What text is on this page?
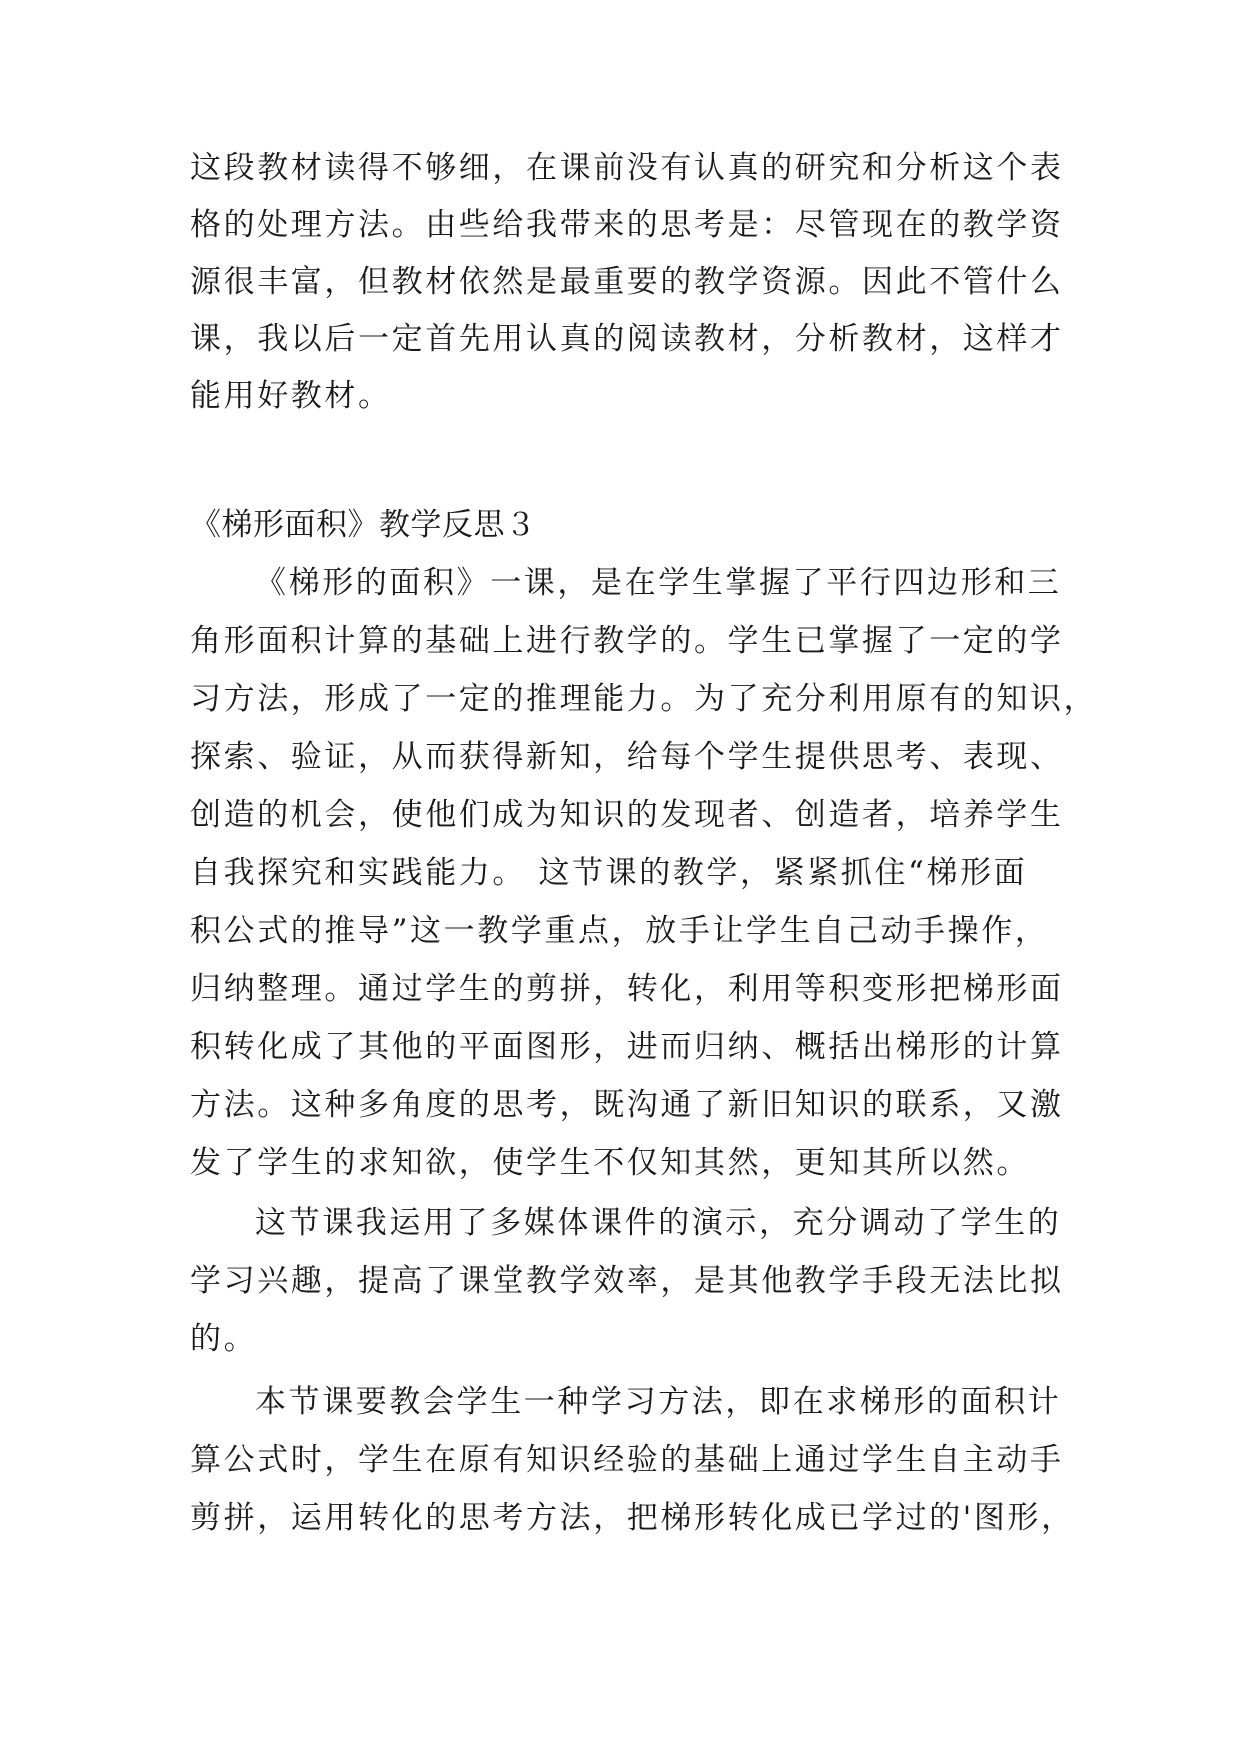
这段教材读得不够细，在课前没有认真的研究和分析这个表
格的处理方法。由些给我带来的思考是：尽管现在的教学资
源很丰富，但教材依然是最重要的教学资源。因此不管什么
课，我以后一定首先用认真的阅读教材，分析教材，这样才
能用好教材。
《梯形面积》教学反思３
《梯形的面积》一课，是在学生掌握了平行四边形和三
角形面积计算的基础上进行教学的。学生已掌握了一定的学
习方法，形成了一定的推理能力。为了充分利用原有的知识，
探索、验证，从而获得新知，给每个学生提供思考、表现、
创造的机会，使他们成为知识的发现者、创造者，培养学生
自我探究和实践能力。 这节课的教学，紧紧抓住“梯形面
积公式的推导”这一教学重点，放手让学生自己动手操作，
归纳整理。通过学生的剪拼，转化，利用等积变形把梯形面
积转化成了其他的平面图形，进而归纳、概括出梯形的计算
方法。这种多角度的思考，既沟通了新旧知识的联系，又激
发了学生的求知欲，使学生不仅知其然，更知其所以然。
这节课我运用了多媒体课件的演示，充分调动了学生的
学习兴趣，提高了课堂教学效率，是其他教学手段无法比拟
的。
本节课要教会学生一种学习方法，即在求梯形的面积计
算公式时，学生在原有知识经验的基础上通过学生自主动手
剪拼，运用转化的思考方法，把梯形转化成已学过的'图形，
